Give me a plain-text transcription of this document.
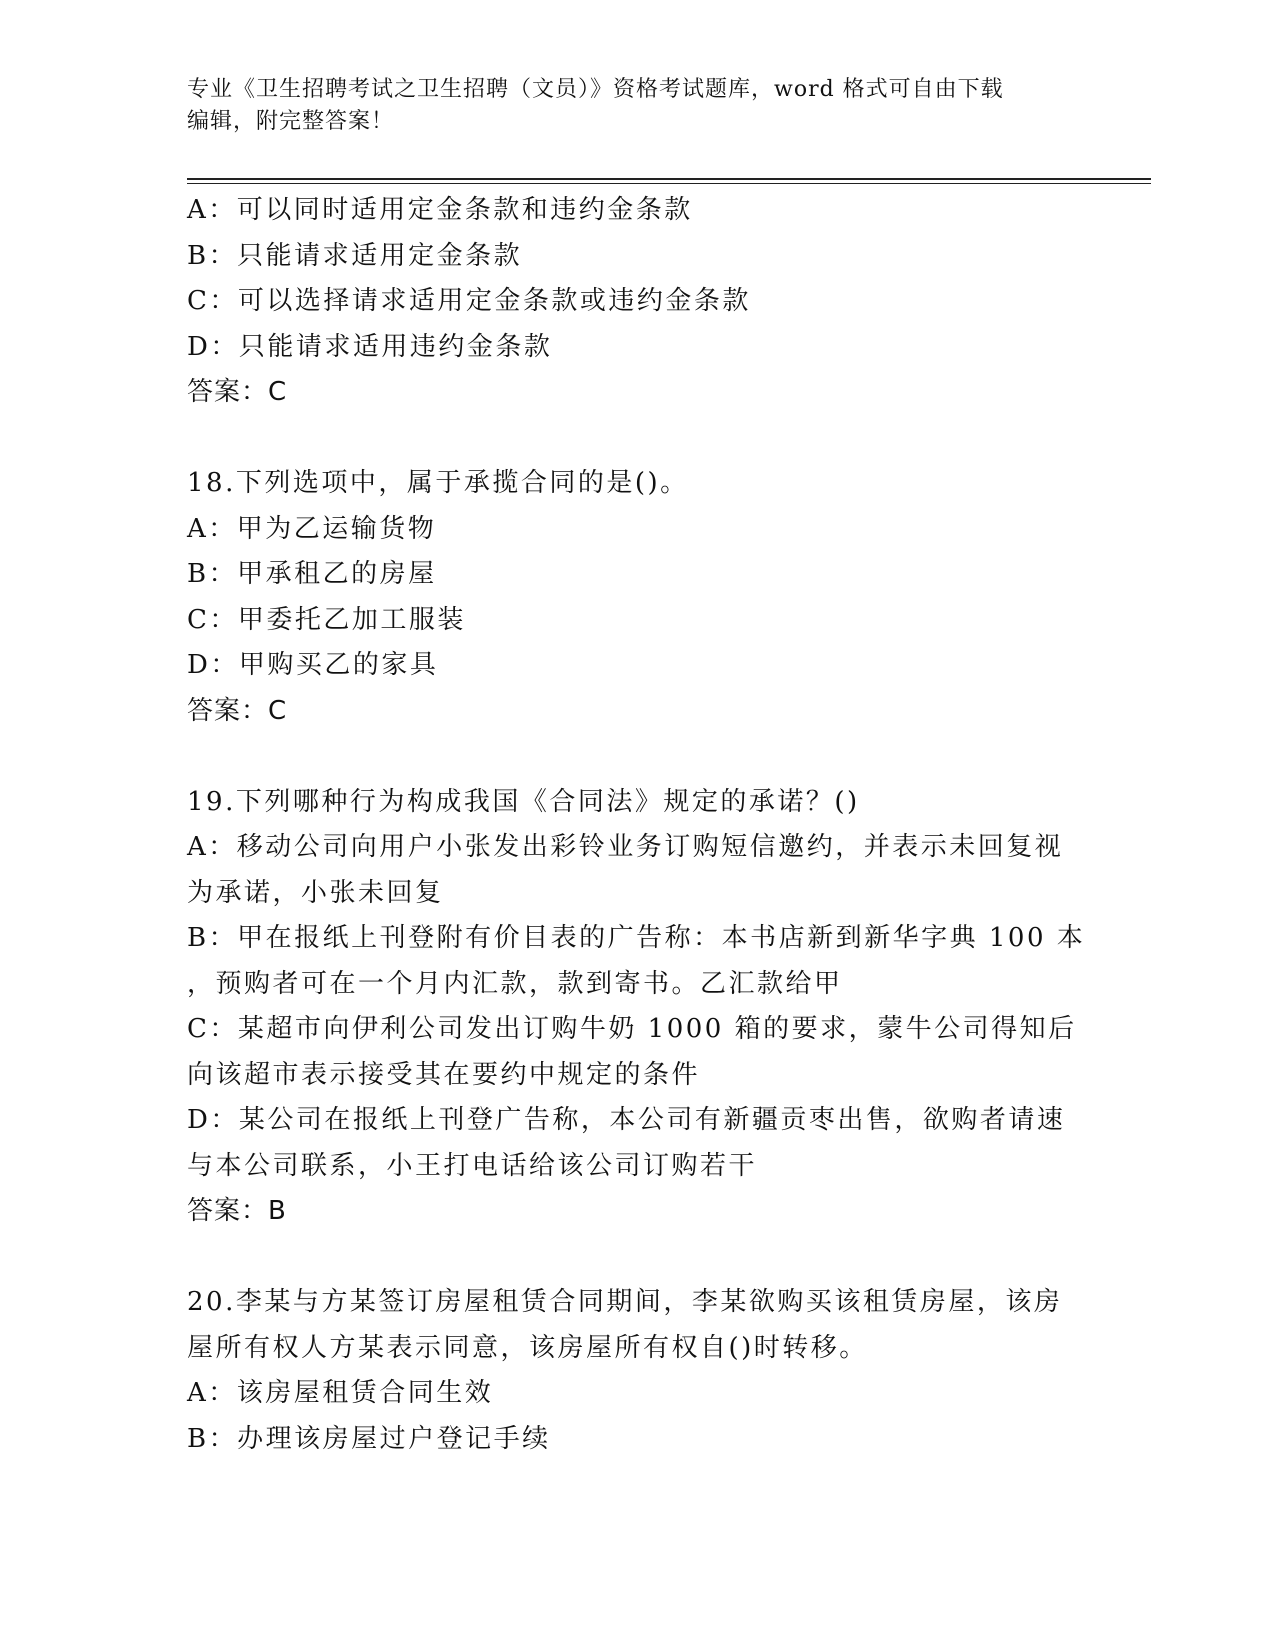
专业《卫生招聘考试之卫生招聘（文员）》资格考试题库，word 格式可自由下载
编辑，附完整答案！
A：可以同时适用定金条款和违约金条款
B：只能请求适用定金条款
C：可以选择请求适用定金条款或违约金条款
D：只能请求适用违约金条款
答案：C
18.下列选项中，属于承揽合同的是()。
A：甲为乙运输货物
B：甲承租乙的房屋
C：甲委托乙加工服装
D：甲购买乙的家具
答案：C
19.下列哪种行为构成我国《合同法》规定的承诺？()
A：移动公司向用户小张发出彩铃业务订购短信邀约，并表示未回复视
为承诺，小张未回复
B：甲在报纸上刊登附有价目表的广告称：本书店新到新华字典 100 本
，预购者可在一个月内汇款，款到寄书。乙汇款给甲
C：某超市向伊利公司发出订购牛奶 1000 箱的要求，蒙牛公司得知后
向该超市表示接受其在要约中规定的条件
D：某公司在报纸上刊登广告称，本公司有新疆贡枣出售，欲购者请速
与本公司联系，小王打电话给该公司订购若干
答案：B
20.李某与方某签订房屋租赁合同期间，李某欲购买该租赁房屋，该房
屋所有权人方某表示同意，该房屋所有权自()时转移。
A：该房屋租赁合同生效
B：办理该房屋过户登记手续
